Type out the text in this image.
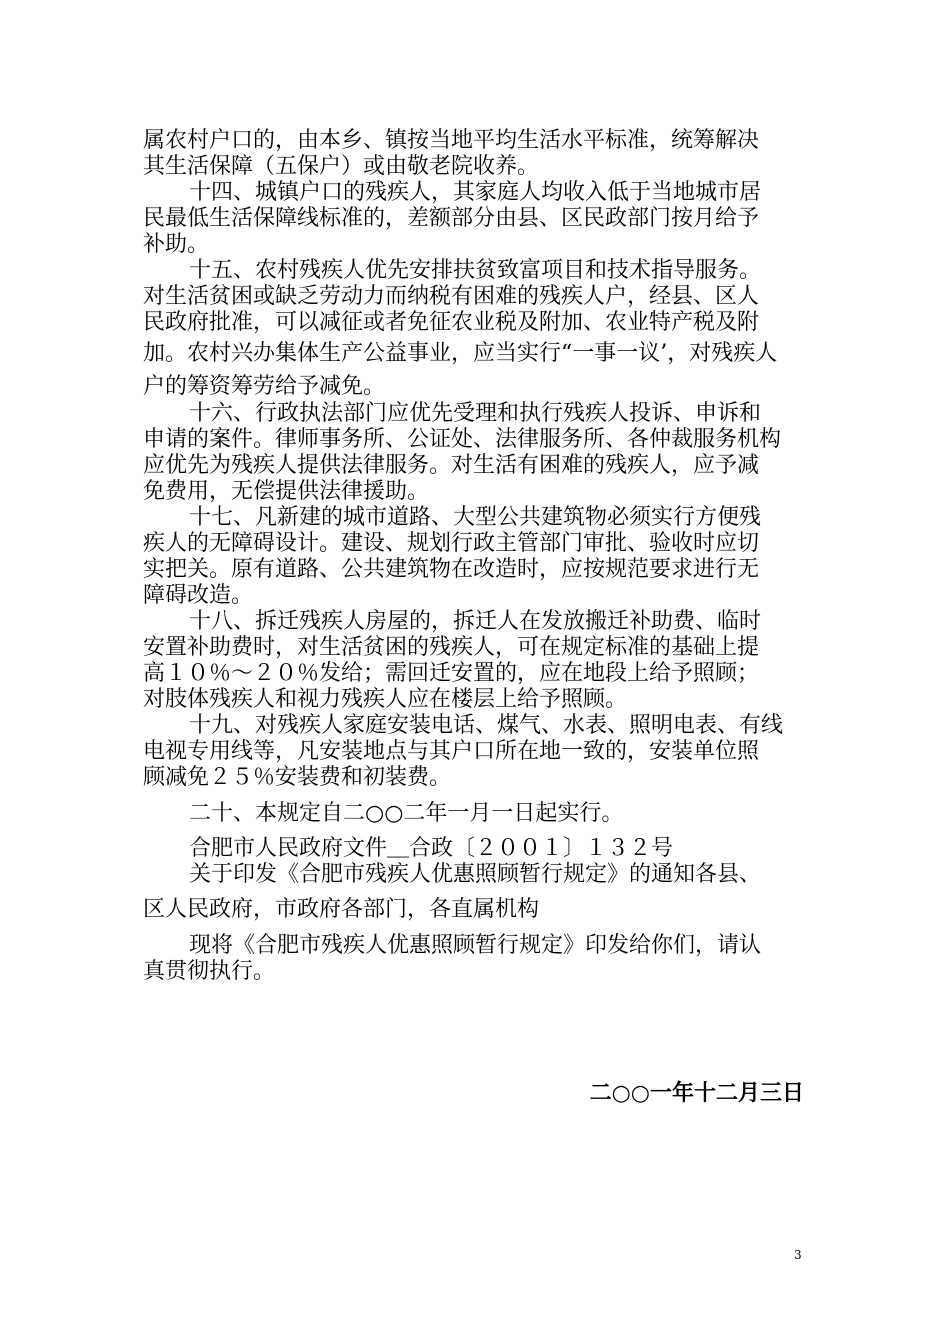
属农村户口的，由本乡、镇按当地平均生活水平标准，统筹解决
其生活保障（五保户）或由敬老院收养。
十四、城镇户口的残疾人，其家庭人均收入低于当地城市居
民最低生活保障线标准的，差额部分由县、区民政部门按月给予
补助。
十五、农村残疾人优先安排扶贫致富项目和技术指导服务。
对生活贫困或缺乏劳动力而纳税有困难的残疾人户，经县、区人
民政府批准，可以减征或者免征农业税及附加、农业特产税及附
加。农村兴办集体生产公益事业，应当实行“一事一议’，对残疾人
户的筹资筹劳给予减免。
十六、行政执法部门应优先受理和执行残疾人投诉、申诉和
申请的案件。律师事务所、公证处、法律服务所、各仲裁服务机构
应优先为残疾人提供法律服务。对生活有困难的残疾人，应予减
免费用，无偿提供法律援助。
十七、凡新建的城市道路、大型公共建筑物必须实行方便残
疾人的无障碍设计。建设、规划行政主管部门审批、验收时应切
实把关。原有道路、公共建筑物在改造时，应按规范要求进行无
障碍改造。
十八、拆迁残疾人房屋的，拆迁人在发放搬迁补助费、临时
安置补助费时，对生活贫困的残疾人，可在规定标准的基础上提
高１０％～２０％发给；需回迁安置的，应在地段上给予照顾；
对肢体残疾人和视力残疾人应在楼层上给予照顾。
十九、对残疾人家庭安装电话、煤气、水表、照明电表、有线
电视专用线等，凡安装地点与其户口所在地一致的，安装单位照
顾减免２５％安装费和初装费。
二十、本规定自二○○二年一月一日起实行。
合肥市人民政府文件＿合政〔２００１〕１３２号
关于印发《合肥市残疾人优惠照顾暂行规定》的通知各县、
区人民政府，市政府各部门，各直属机构
现将《合肥市残疾人优惠照顾暂行规定》印发给你们，请认
真贯彻执行。
二○○一年十二月三日
3
